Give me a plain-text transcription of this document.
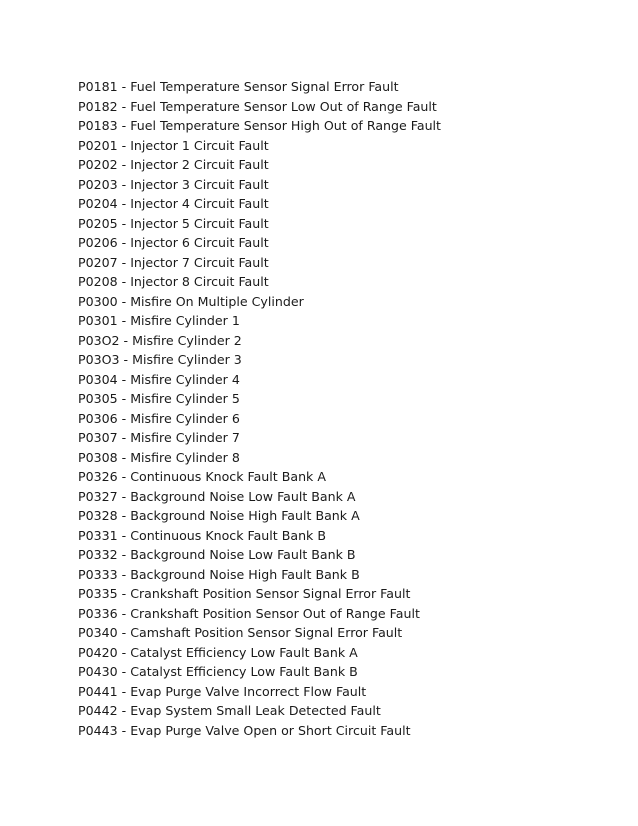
P0181 - Fuel Temperature Sensor Signal Error Fault
P0182 - Fuel Temperature Sensor Low Out of Range Fault
P0183 - Fuel Temperature Sensor High Out of Range Fault
P0201 - Injector 1 Circuit Fault
P0202 - Injector 2 Circuit Fault
P0203 - Injector 3 Circuit Fault
P0204 - Injector 4 Circuit Fault
P0205 - Injector 5 Circuit Fault
P0206 - Injector 6 Circuit Fault
P0207 - Injector 7 Circuit Fault
P0208 - Injector 8 Circuit Fault
P0300 - Misfire On Multiple Cylinder
P0301 - Misfire Cylinder 1
P03O2 - Misfire Cylinder 2
P03O3 - Misfire Cylinder 3
P0304 - Misfire Cylinder 4
P0305 - Misfire Cylinder 5
P0306 - Misfire Cylinder 6
P0307 - Misfire Cylinder 7
P0308 - Misfire Cylinder 8
P0326 - Continuous Knock Fault Bank A
P0327 - Background Noise Low Fault Bank A
P0328 - Background Noise High Fault Bank A
P0331 - Continuous Knock Fault Bank B
P0332 - Background Noise Low Fault Bank B
P0333 - Background Noise High Fault Bank B
P0335 - Crankshaft Position Sensor Signal Error Fault
P0336 - Crankshaft Position Sensor Out of Range Fault
P0340 - Camshaft Position Sensor Signal Error Fault
P0420 - Catalyst Efficiency Low Fault Bank A
P0430 - Catalyst Efficiency Low Fault Bank B
P0441 - Evap Purge Valve Incorrect Flow Fault
P0442 - Evap System Small Leak Detected Fault
P0443 - Evap Purge Valve Open or Short Circuit Fault
